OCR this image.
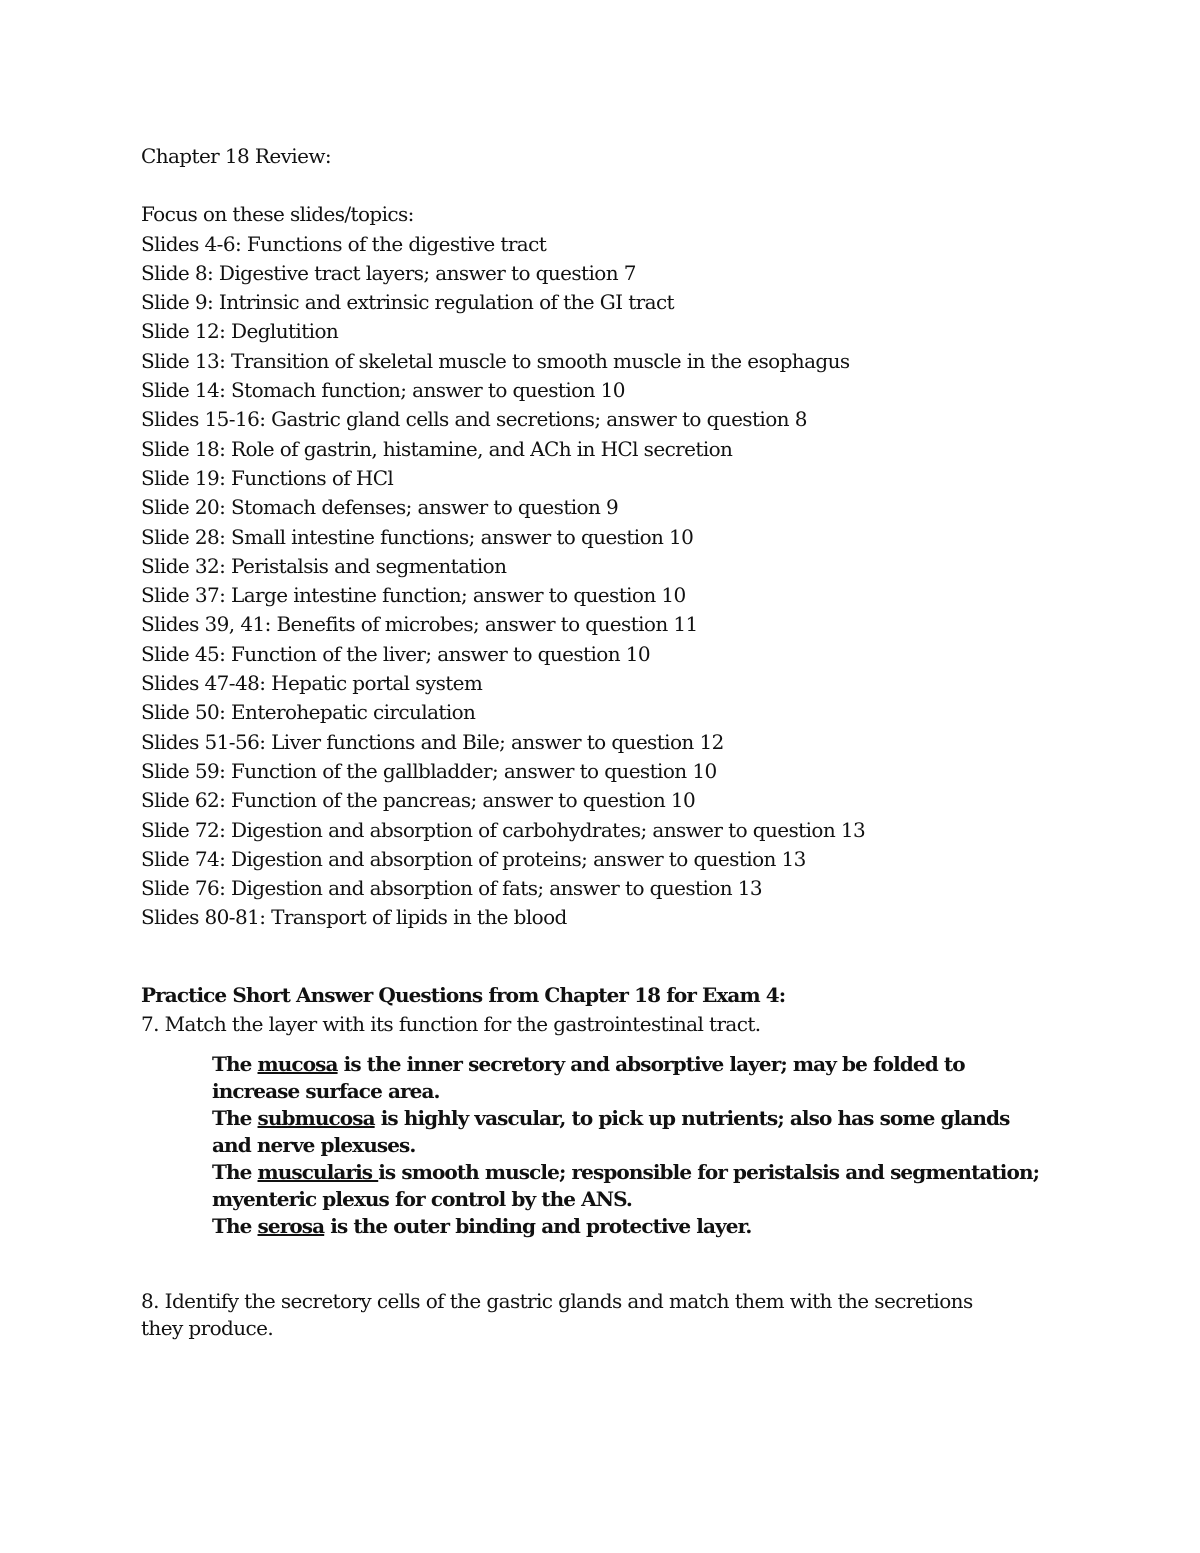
Chapter 18 Review:
Focus on these slides/topics:
Slides 4-6: Functions of the digestive tract
Slide 8: Digestive tract layers; answer to question 7
Slide 9: Intrinsic and extrinsic regulation of the GI tract
Slide 12: Deglutition
Slide 13: Transition of skeletal muscle to smooth muscle in the esophagus
Slide 14: Stomach function; answer to question 10
Slides 15-16: Gastric gland cells and secretions; answer to question 8
Slide 18: Role of gastrin, histamine, and ACh in HCl secretion
Slide 19: Functions of HCl
Slide 20: Stomach defenses; answer to question 9
Slide 28: Small intestine functions; answer to question 10
Slide 32: Peristalsis and segmentation
Slide 37: Large intestine function; answer to question 10
Slides 39, 41: Benefits of microbes; answer to question 11
Slide 45: Function of the liver; answer to question 10
Slides 47-48: Hepatic portal system
Slide 50: Enterohepatic circulation
Slides 51-56: Liver functions and Bile; answer to question 12
Slide 59: Function of the gallbladder; answer to question 10
Slide 62: Function of the pancreas; answer to question 10
Slide 72: Digestion and absorption of carbohydrates; answer to question 13
Slide 74: Digestion and absorption of proteins; answer to question 13
Slide 76: Digestion and absorption of fats; answer to question 13
Slides 80-81: Transport of lipids in the blood
Practice Short Answer Questions from Chapter 18 for Exam 4:
7. Match the layer with its function for the gastrointestinal tract.
The mucosa is the inner secretory and absorptive layer; may be folded to increase surface area.
The submucosa is highly vascular, to pick up nutrients; also has some glands and nerve plexuses.
The muscularis is smooth muscle; responsible for peristalsis and segmentation; myenteric plexus for control by the ANS.
The serosa is the outer binding and protective layer.
8. Identify the secretory cells of the gastric glands and match them with the secretions they produce.
